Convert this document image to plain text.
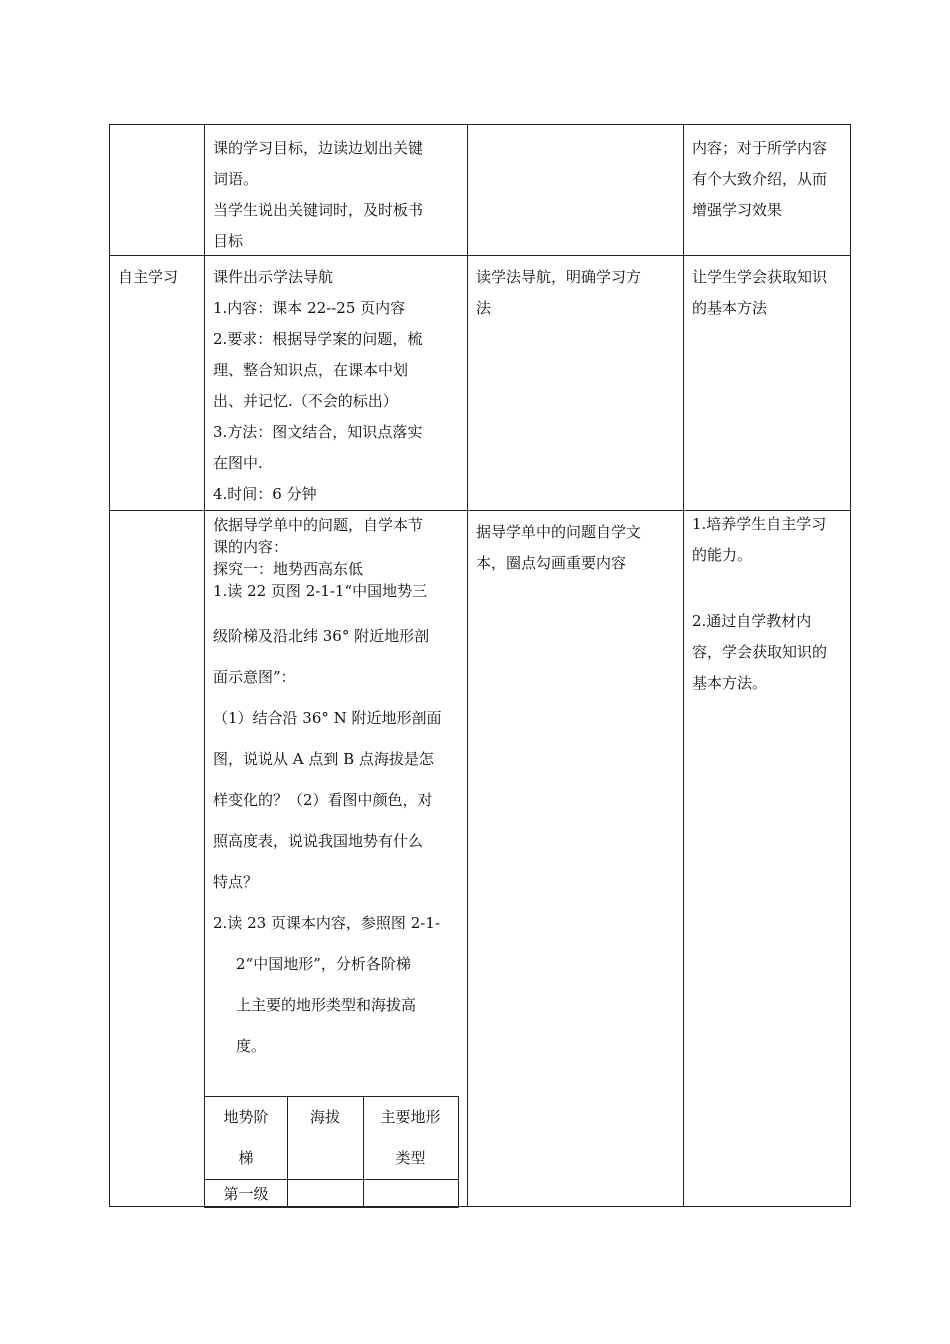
课的学习目标，边读边划出关键
词语。
当学生说出关键词时，及时板书
目标
内容；对于所学内容
有个大致介绍，从而
增强学习效果
自主学习	课件出示学法导航
1.内容：课本 22--25 页内容
2.要求：根据导学案的问题，梳
理、整合知识点，在课本中划
出、并记忆.（不会的标出）
3.方法：图文结合，知识点落实
在图中.
4.时间：6 分钟
读学法导航，明确学习方
法
让学生学会获取知识
的基本方法
依据导学单中的问题，自学本节
课的内容：
探究一：地势西高东低
1.读 22 页图 2-1-1“中国地势三
级阶梯及沿北纬 36° 附近地形剖
面示意图”：
（1）结合沿 36° N 附近地形剖面
图，说说从 A 点到 B 点海拔是怎
样变化的？（2）看图中颜色，对
照高度表，说说我国地势有什么
特点？
2.读 23 页课本内容，参照图 2-1-
2“中国地形”，分析各阶梯
上主要的地形类型和海拔高
度。
据导学单中的问题自学文
本，圈点勾画重要内容
1.培养学生自主学习
的能力。
2.通过自学教材内
容，学会获取知识的
基本方法。
地势阶
梯
海拔	主要地形
类型
第一级
